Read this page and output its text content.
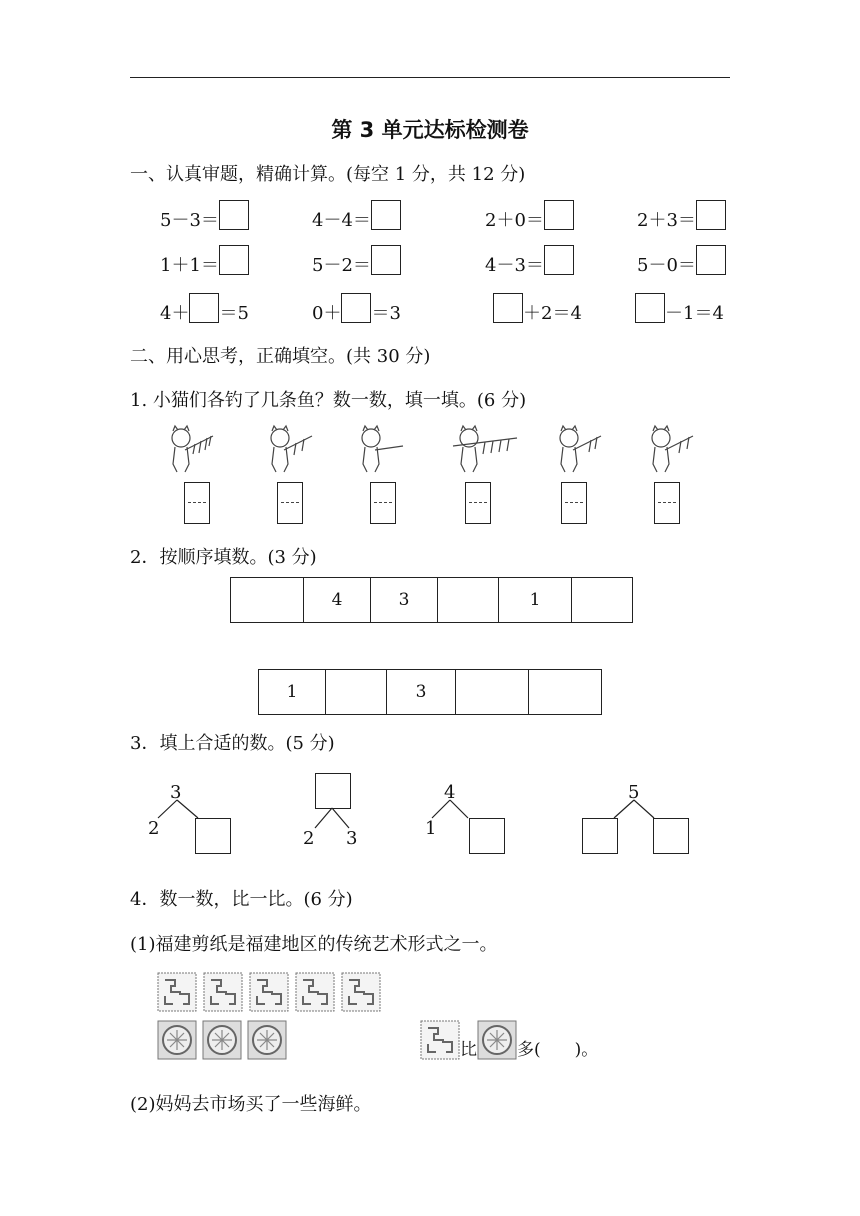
第 3 单元达标检测卷
一、认真审题，精确计算。(每空 1 分，共 12 分)
5－3＝	4－4＝	2＋0＝	2＋3＝
1＋1＝	5－2＝	4－3＝	5－0＝
4＋ ＝5	0＋ ＝3	＋2＝4	－1＝4
二、用心思考，正确填空。(共 30 分)
1. 小猫们各钓了几条鱼？数一数，填一填。(6 分)
2．按顺序填数。(3 分)
	4	3		1	
1		3		
3．填上合适的数。(5 分)
3
2	2 3
4
1
5
4．数一数，比一比。(6 分)
(1)福建剪纸是福建地区的传统艺术形式之一。
比 多(　　)。
(2)妈妈去市场买了一些海鲜。
